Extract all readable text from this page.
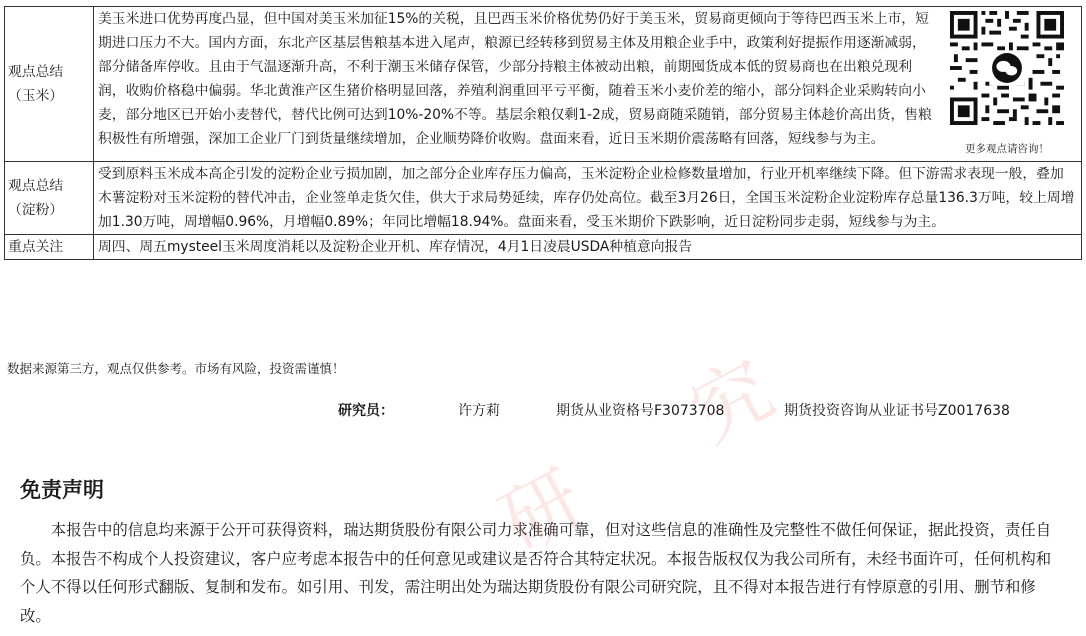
观点总结（玉米）	美玉米进口优势再度凸显，但中国对美玉米加征15%的关税，且巴西玉米价格优势仍好于美玉米，贸易商更倾向于等待巴西玉米上市，短期进口压力不大。国内方面，东北产区基层售粮基本进入尾声，粮源已经转移到贸易主体及用粮企业手中，政策利好提振作用逐渐减弱，部分储备库停收。且由于气温逐渐升高，不利于潮玉米储存保管，少部分持粮主体被动出粮，前期囤货成本低的贸易商也在出粮兑现利润，收购价格稳中偏弱。华北黄淮产区生猪价格明显回落，养殖利润重回平亏平衡，随着玉米小麦价差的缩小，部分饲料企业采购转向小麦，部分地区已开始小麦替代，替代比例可达到10%-20%不等。基层余粮仅剩1-2成，贸易商随采随销，部分贸易主体趁价高出货，售粮积极性有所增强，深加工企业厂门到货量继续增加，企业顺势降价收购。盘面来看，近日玉米期价震荡略有回落，短线参与为主。
更多观点请咨询！

观点总结（淀粉）	受到原料玉米成本高企引发的淀粉企业亏损加剧，加之部分企业库存压力偏高，玉米淀粉企业检修数量增加，行业开机率继续下降。但下游需求表现一般，叠加木薯淀粉对玉米淀粉的替代冲击，企业签单走货欠佳，供大于求局势延续，库存仍处高位。截至3月26日，全国玉米淀粉企业淀粉库存总量136.3万吨，较上周增加1.30万吨，周增幅0.96%，月增幅0.89%；年同比增幅18.94%。盘面来看，受玉米期价下跌影响，近日淀粉同步走弱，短线参与为主。
重点关注	周四、周五mysteel玉米周度消耗以及淀粉企业开机、库存情况，4月1日凌晨USDA种植意向报告
数据来源第三方，观点仅供参考。市场有风险，投资需谨慎！
研究员：	许方莉	期货从业资格号F3073708	期货投资咨询从业证书号Z0017638
免责声明

本报告中的信息均来源于公开可获得资料，瑞达期货股份有限公司力求准确可靠，但对这些信息的准确性及完整性不做任何保证，据此投资，责任自负。本报告不构成个人投资建议，客户应考虑本报告中的任何意见或建议是否符合其特定状况。本报告版权仅为我公司所有，未经书面许可，任何机构和个人不得以任何形式翻版、复制和发布。如引用、刊发，需注明出处为瑞达期货股份有限公司研究院，且不得对本报告进行有悖原意的引用、删节和修改。

研
究
